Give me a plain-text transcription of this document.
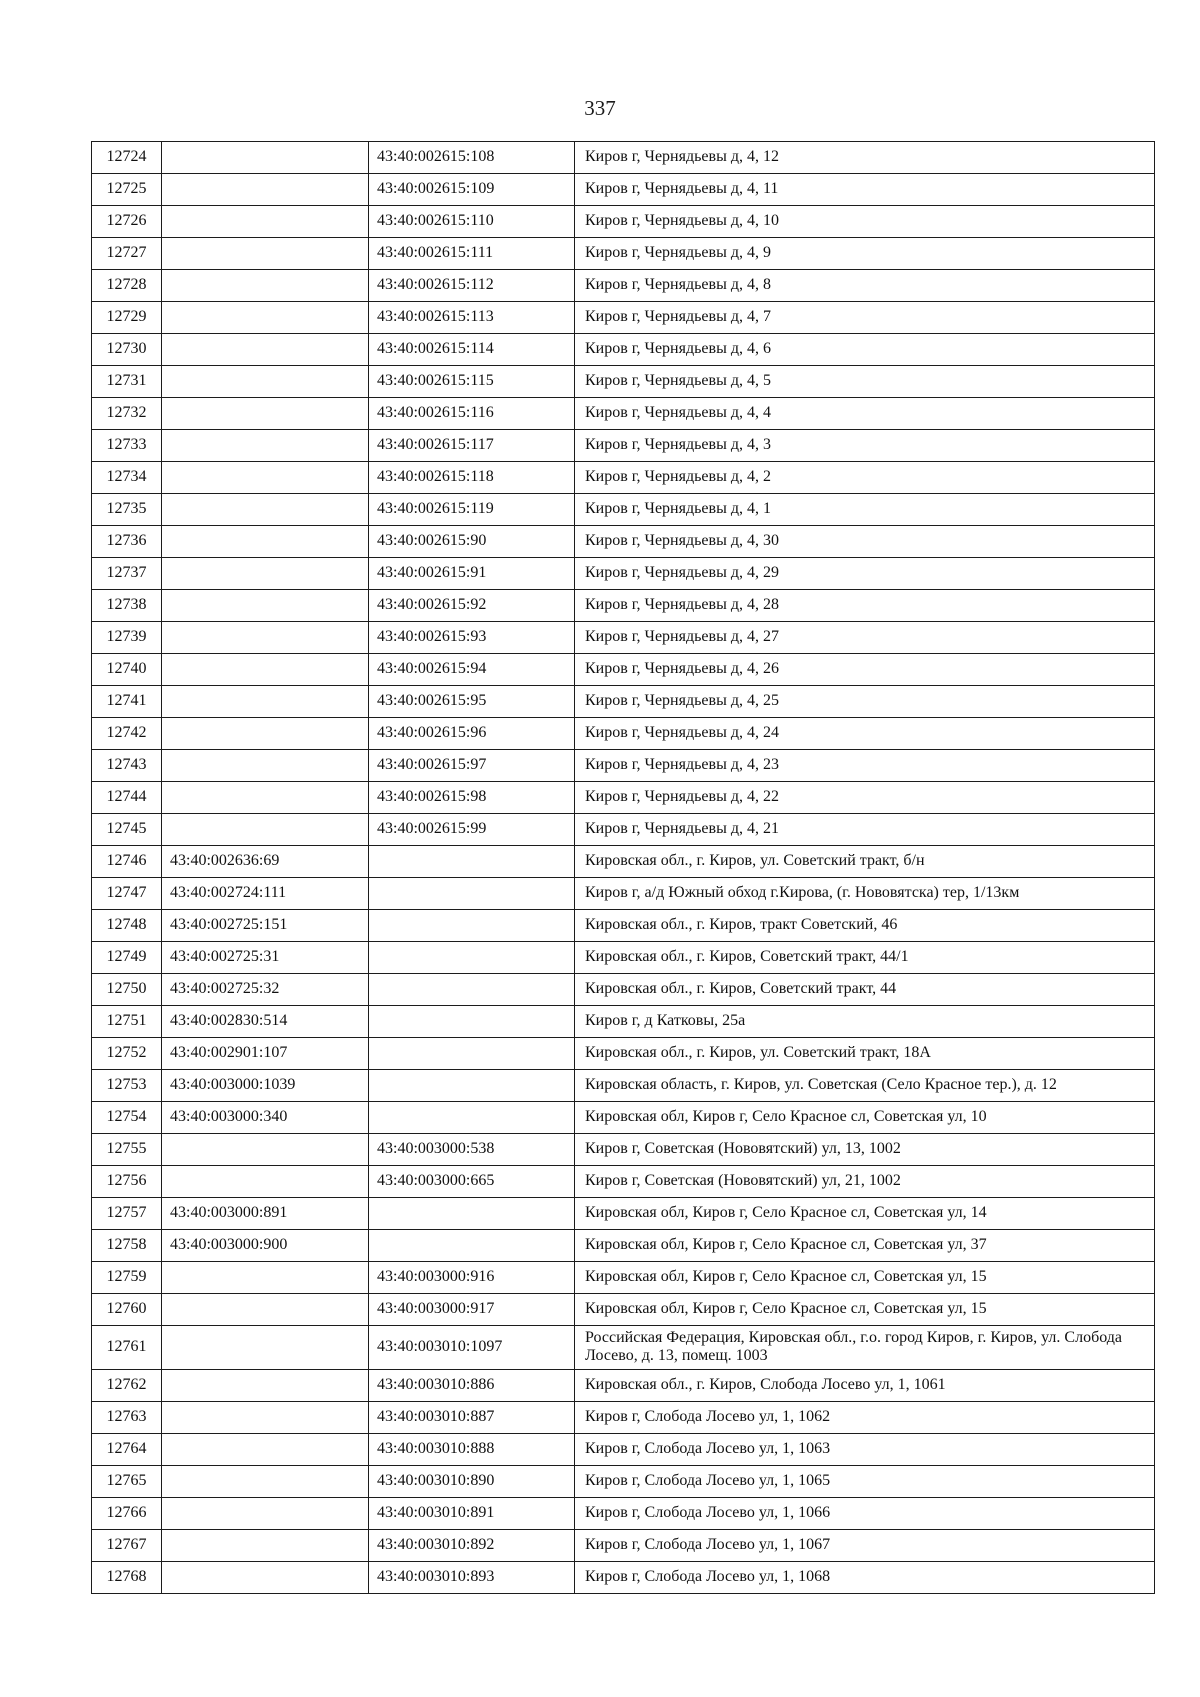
337
12724		43:40:002615:108	Киров г, Чернядьевы д, 4, 12
12725		43:40:002615:109	Киров г, Чернядьевы д, 4, 11
12726		43:40:002615:110	Киров г, Чернядьевы д, 4, 10
12727		43:40:002615:111	Киров г, Чернядьевы д, 4, 9
12728		43:40:002615:112	Киров г, Чернядьевы д, 4, 8
12729		43:40:002615:113	Киров г, Чернядьевы д, 4, 7
12730		43:40:002615:114	Киров г, Чернядьевы д, 4, 6
12731		43:40:002615:115	Киров г, Чернядьевы д, 4, 5
12732		43:40:002615:116	Киров г, Чернядьевы д, 4, 4
12733		43:40:002615:117	Киров г, Чернядьевы д, 4, 3
12734		43:40:002615:118	Киров г, Чернядьевы д, 4, 2
12735		43:40:002615:119	Киров г, Чернядьевы д, 4, 1
12736		43:40:002615:90	Киров г, Чернядьевы д, 4, 30
12737		43:40:002615:91	Киров г, Чернядьевы д, 4, 29
12738		43:40:002615:92	Киров г, Чернядьевы д, 4, 28
12739		43:40:002615:93	Киров г, Чернядьевы д, 4, 27
12740		43:40:002615:94	Киров г, Чернядьевы д, 4, 26
12741		43:40:002615:95	Киров г, Чернядьевы д, 4, 25
12742		43:40:002615:96	Киров г, Чернядьевы д, 4, 24
12743		43:40:002615:97	Киров г, Чернядьевы д, 4, 23
12744		43:40:002615:98	Киров г, Чернядьевы д, 4, 22
12745		43:40:002615:99	Киров г, Чернядьевы д, 4, 21
12746	43:40:002636:69		Кировская обл., г. Киров, ул. Советский тракт, б/н
12747	43:40:002724:111		Киров г, а/д Южный обход г.Кирова, (г. Нововятска) тер, 1/13км
12748	43:40:002725:151		Кировская обл., г. Киров, тракт Советский, 46
12749	43:40:002725:31		Кировская обл., г. Киров, Советский тракт, 44/1
12750	43:40:002725:32		Кировская обл., г. Киров, Советский тракт, 44
12751	43:40:002830:514		Киров г, д Катковы, 25а
12752	43:40:002901:107		Кировская обл., г. Киров, ул. Советский тракт, 18А
12753	43:40:003000:1039		Кировская область, г. Киров, ул. Советская (Село Красное тер.), д. 12
12754	43:40:003000:340		Кировская обл, Киров г, Село Красное сл, Советская ул, 10
12755		43:40:003000:538	Киров г, Советская (Нововятский) ул, 13, 1002
12756		43:40:003000:665	Киров г, Советская (Нововятский) ул, 21, 1002
12757	43:40:003000:891		Кировская обл, Киров г, Село Красное сл, Советская ул, 14
12758	43:40:003000:900		Кировская обл, Киров г, Село Красное сл, Советская ул, 37
12759		43:40:003000:916	Кировская обл, Киров г, Село Красное сл, Советская ул, 15
12760		43:40:003000:917	Кировская обл, Киров г, Село Красное сл, Советская ул, 15
12761		43:40:003010:1097	Российская Федерация, Кировская обл., г.о. город Киров, г. Киров, ул. Слобода Лосево, д. 13, помещ. 1003
12762		43:40:003010:886	Кировская обл., г. Киров, Слобода Лосево ул, 1, 1061
12763		43:40:003010:887	Киров г, Слобода Лосево ул, 1, 1062
12764		43:40:003010:888	Киров г, Слобода Лосево ул, 1, 1063
12765		43:40:003010:890	Киров г, Слобода Лосево ул, 1, 1065
12766		43:40:003010:891	Киров г, Слобода Лосево ул, 1, 1066
12767		43:40:003010:892	Киров г, Слобода Лосево ул, 1, 1067
12768		43:40:003010:893	Киров г, Слобода Лосево ул, 1, 1068
